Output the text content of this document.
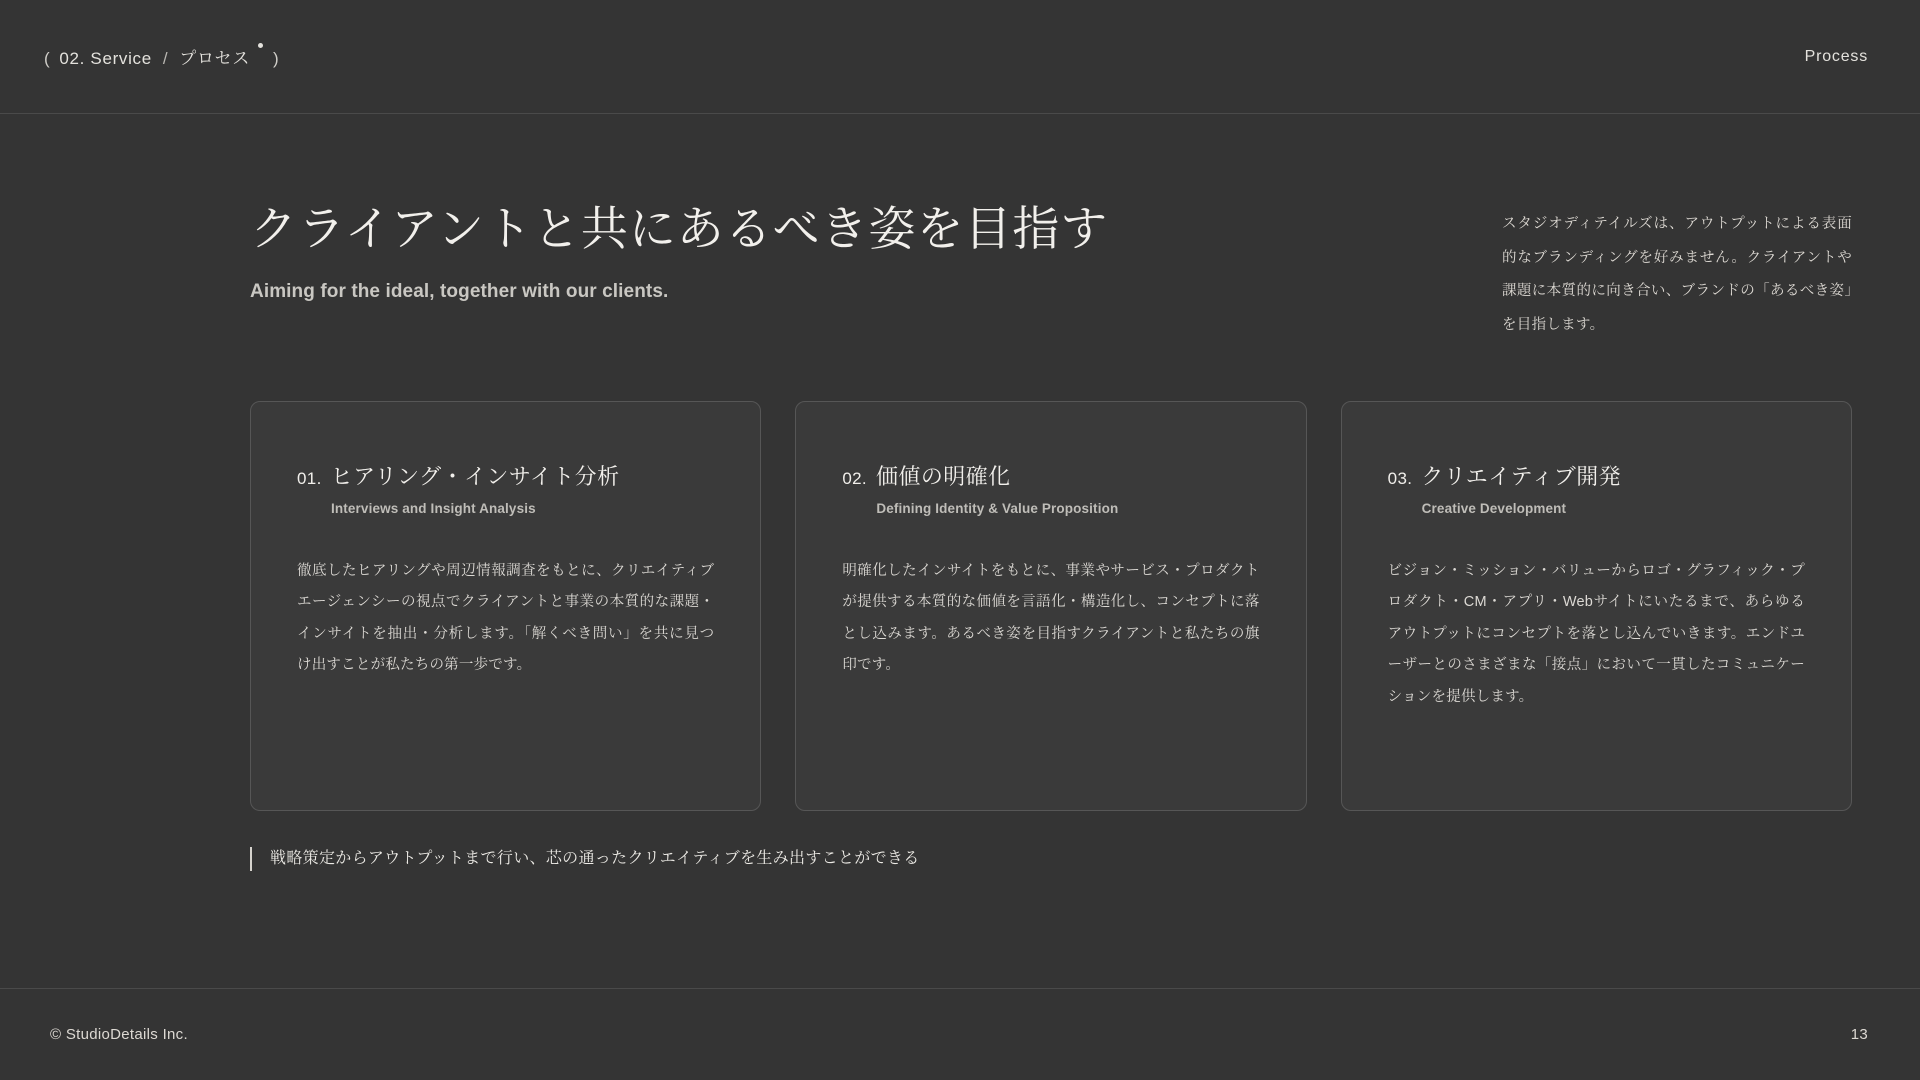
( 02. Service / プロセス	)	Process
クライアントと共にあるべき姿を目指す
Aiming for the ideal, together with our clients.
スタジオディテイルズは、アウトプットによる表面的なブランディングを好みません。クライアントや課題に本質的に向き合い、ブランドの「あるべき姿」を目指します。
01. ヒアリング・インサイト分析
Interviews and Insight Analysis
徹底したヒアリングや周辺情報調査をもとに、クリエイティブエージェンシーの視点でクライアントと事業の本質的な課題・インサイトを抽出・分析します。「解くべき問い」を共に見つけ出すことが私たちの第一歩です。
02. 価値の明確化
Defining Identity & Value Proposition
明確化したインサイトをもとに、事業やサービス・プロダクトが提供する本質的な価値を言語化・構造化し、コンセプトに落とし込みます。あるべき姿を目指すクライアントと私たちの旗印です。
03. クリエイティブ開発
Creative Development
ビジョン・ミッション・バリューからロゴ・グラフィック・プロダクト・CM・アプリ・Webサイトにいたるまで、あらゆるアウトプットにコンセプトを落とし込んでいきます。エンドユーザーとのさまざまな「接点」において一貫したコミュニケーションを提供します。
戦略策定からアウトプットまで行い、芯の通ったクリエイティブを生み出すことができる
© StudioDetails Inc.	13
